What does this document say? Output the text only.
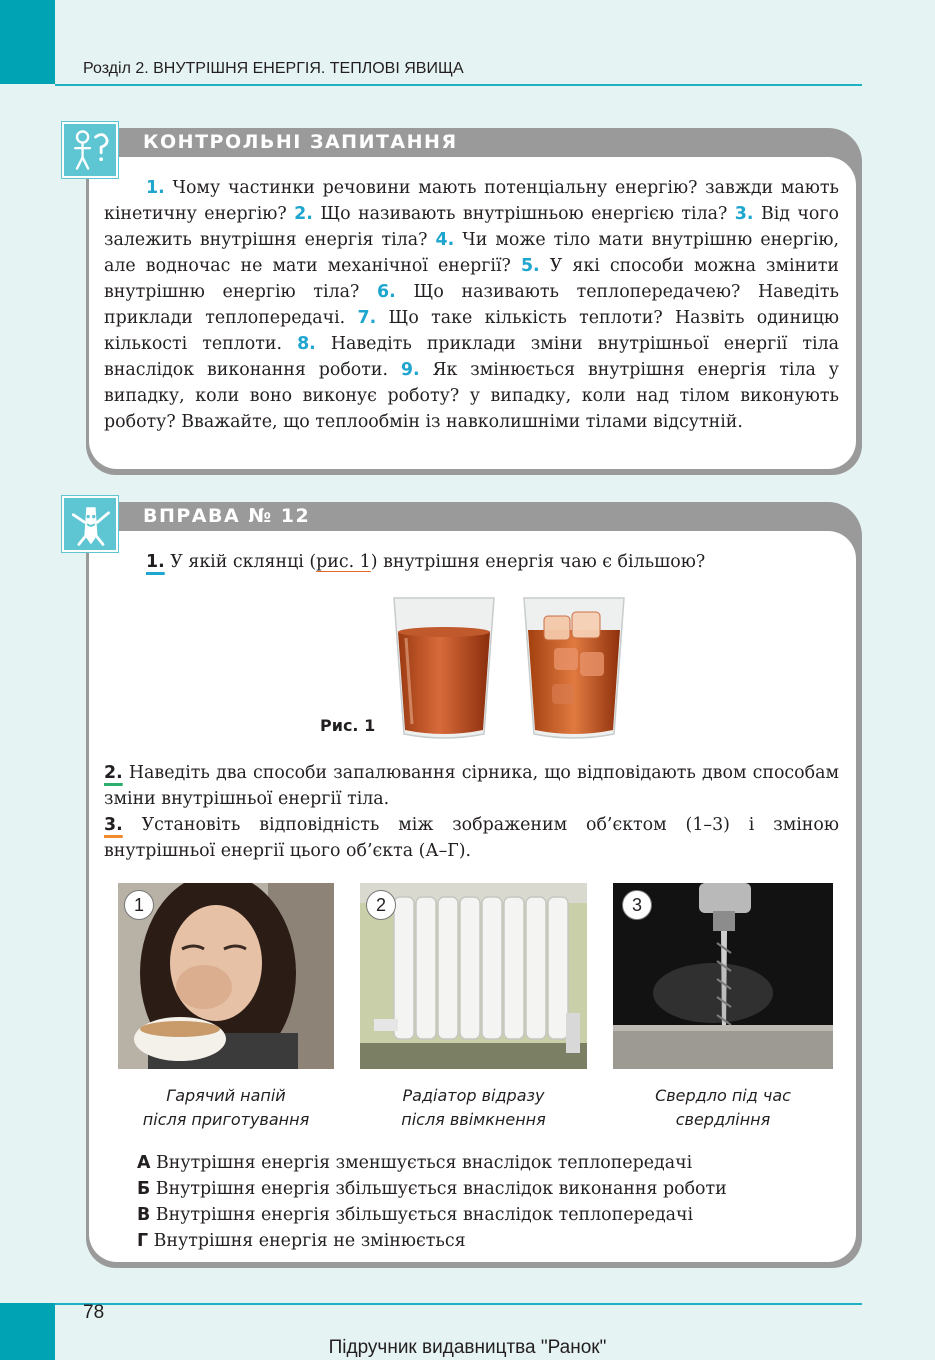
Розділ 2. ВНУТРІШНЯ ЕНЕРГІЯ. ТЕПЛОВІ ЯВИЩА
КОНТРОЛЬНІ ЗАПИТАННЯ

1. Чому частинки речовини мають потенціальну енергію? завжди мають кінетичну енергію? 2. Що називають внутрішньою енергією тіла? 3. Від чого залежить внутрішня енергія тіла? 4. Чи може тіло мати внутрішню енергію, але водночас не мати механічної енергії? 5. У які способи можна змінити внутрішню енергію тіла? 6. Що називають теплопередачею? Наведіть приклади теплопередачі. 7. Що таке кількість теплоти? Назвіть одиницю кількості теплоти. 8. Наведіть приклади зміни внутрішньої енергії тіла внаслідок виконання роботи. 9. Як змінюється внутрішня енергія тіла у випадку, коли воно виконує роботу? у випадку, коли над тілом виконують роботу? Вважайте, що теплообмін із навколишніми тілами відсутній.

ВПРАВА № 12
1. У якій склянці (рис. 1) внутрішня енергія чаю є більшою?
Рис. 1
2. Наведіть два способи запалювання сірника, що відповідають двом способам зміни внутрішньої енергії тіла.
3. Установіть відповідність між зображеним об’єктом (1–3) і зміною внутрішньої енергії цього об’єкта (А–Г).
1	2	3
Гарячий напій
після приготування
Радіатор відразу
після ввімкнення
Свердло під час
свердління
А Внутрішня енергія зменшується внаслідок теплопередачі
Б Внутрішня енергія збільшується внаслідок виконання роботи
В Внутрішня енергія збільшується внаслідок теплопередачі
Г Внутрішня енергія не змінюється
78
Підручник видавництва "Ранок"
